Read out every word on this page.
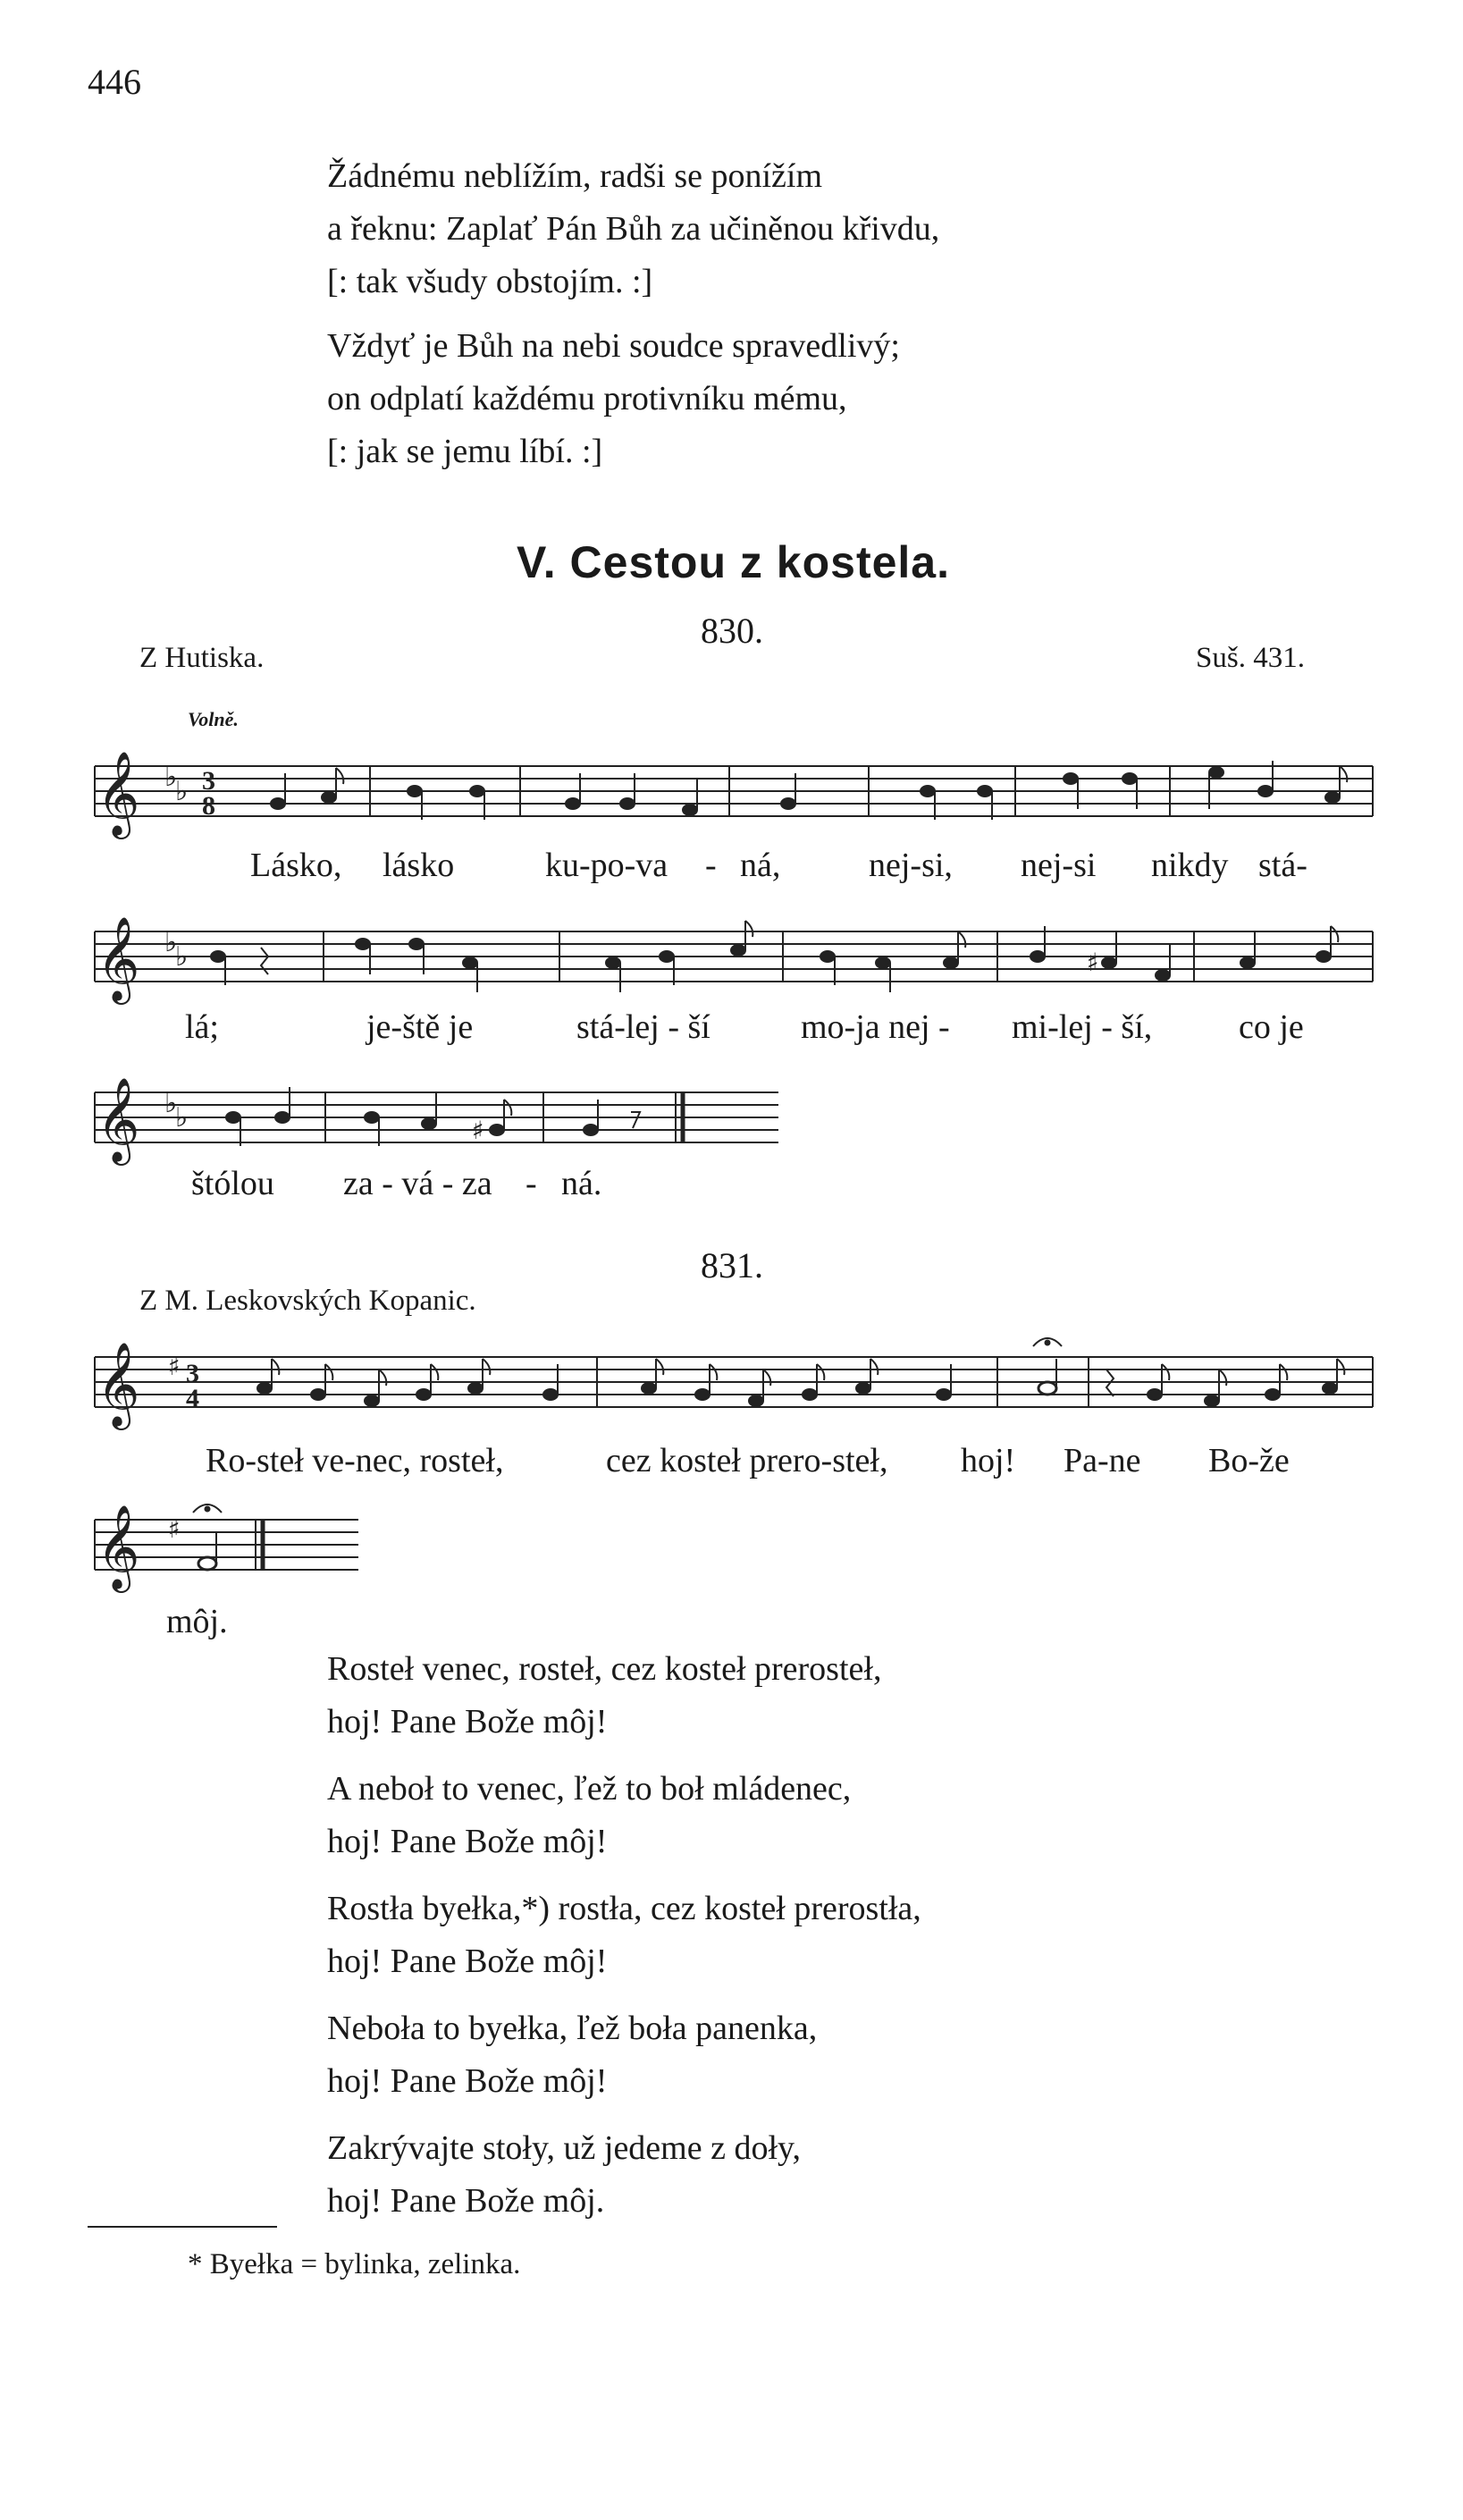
446
Žádnému neblížím, radši se ponížím
a řeknu: Zaplať Pán Bůh za učiněnou křivdu,
[: tak všudy obstojím. :]
Vždyť je Bůh na nebi soudce spravedlivý;
on odplatí každému protivníku mému,
[: jak se jemu líbí. :]
V. Cestou z kostela.
830.
Z Hutiska.	Suš. 431.
Volně.
𝄞 ♭
♭ 3
8
Lásko, lásko	ku-po-va - ná,	nej-si, nej-si nikdy stá-
𝄞 ♭
♭	♯
lá;	je-ště je	stá-lej - ší	mo-ja nej - mi-lej - ší,	co je
𝄞 ♭
♭	♯
štólou za - vá - za - ná.
831.
Z M. Leskovských Kopanic.
𝄞 ♯ 3
4
Ro-steł ve-nec, rosteł,	cez kosteł prero-steł, hoj! Pa-ne Bo-že
𝄞 ♯
môj.
Rosteł venec, rosteł, cez kosteł prerosteł,
hoj! Pane Bože môj!
A neboł to venec, ľež to boł mládenec,
hoj! Pane Bože môj!
Rostła byełka,*) rostła, cez kosteł prerostła,
hoj! Pane Bože môj!
Neboła to byełka, ľež boła panenka,
hoj! Pane Bože môj!
Zakrývajte stoły, už jedeme z doły,
hoj! Pane Bože môj.
* Byełka = bylinka, zelinka.
